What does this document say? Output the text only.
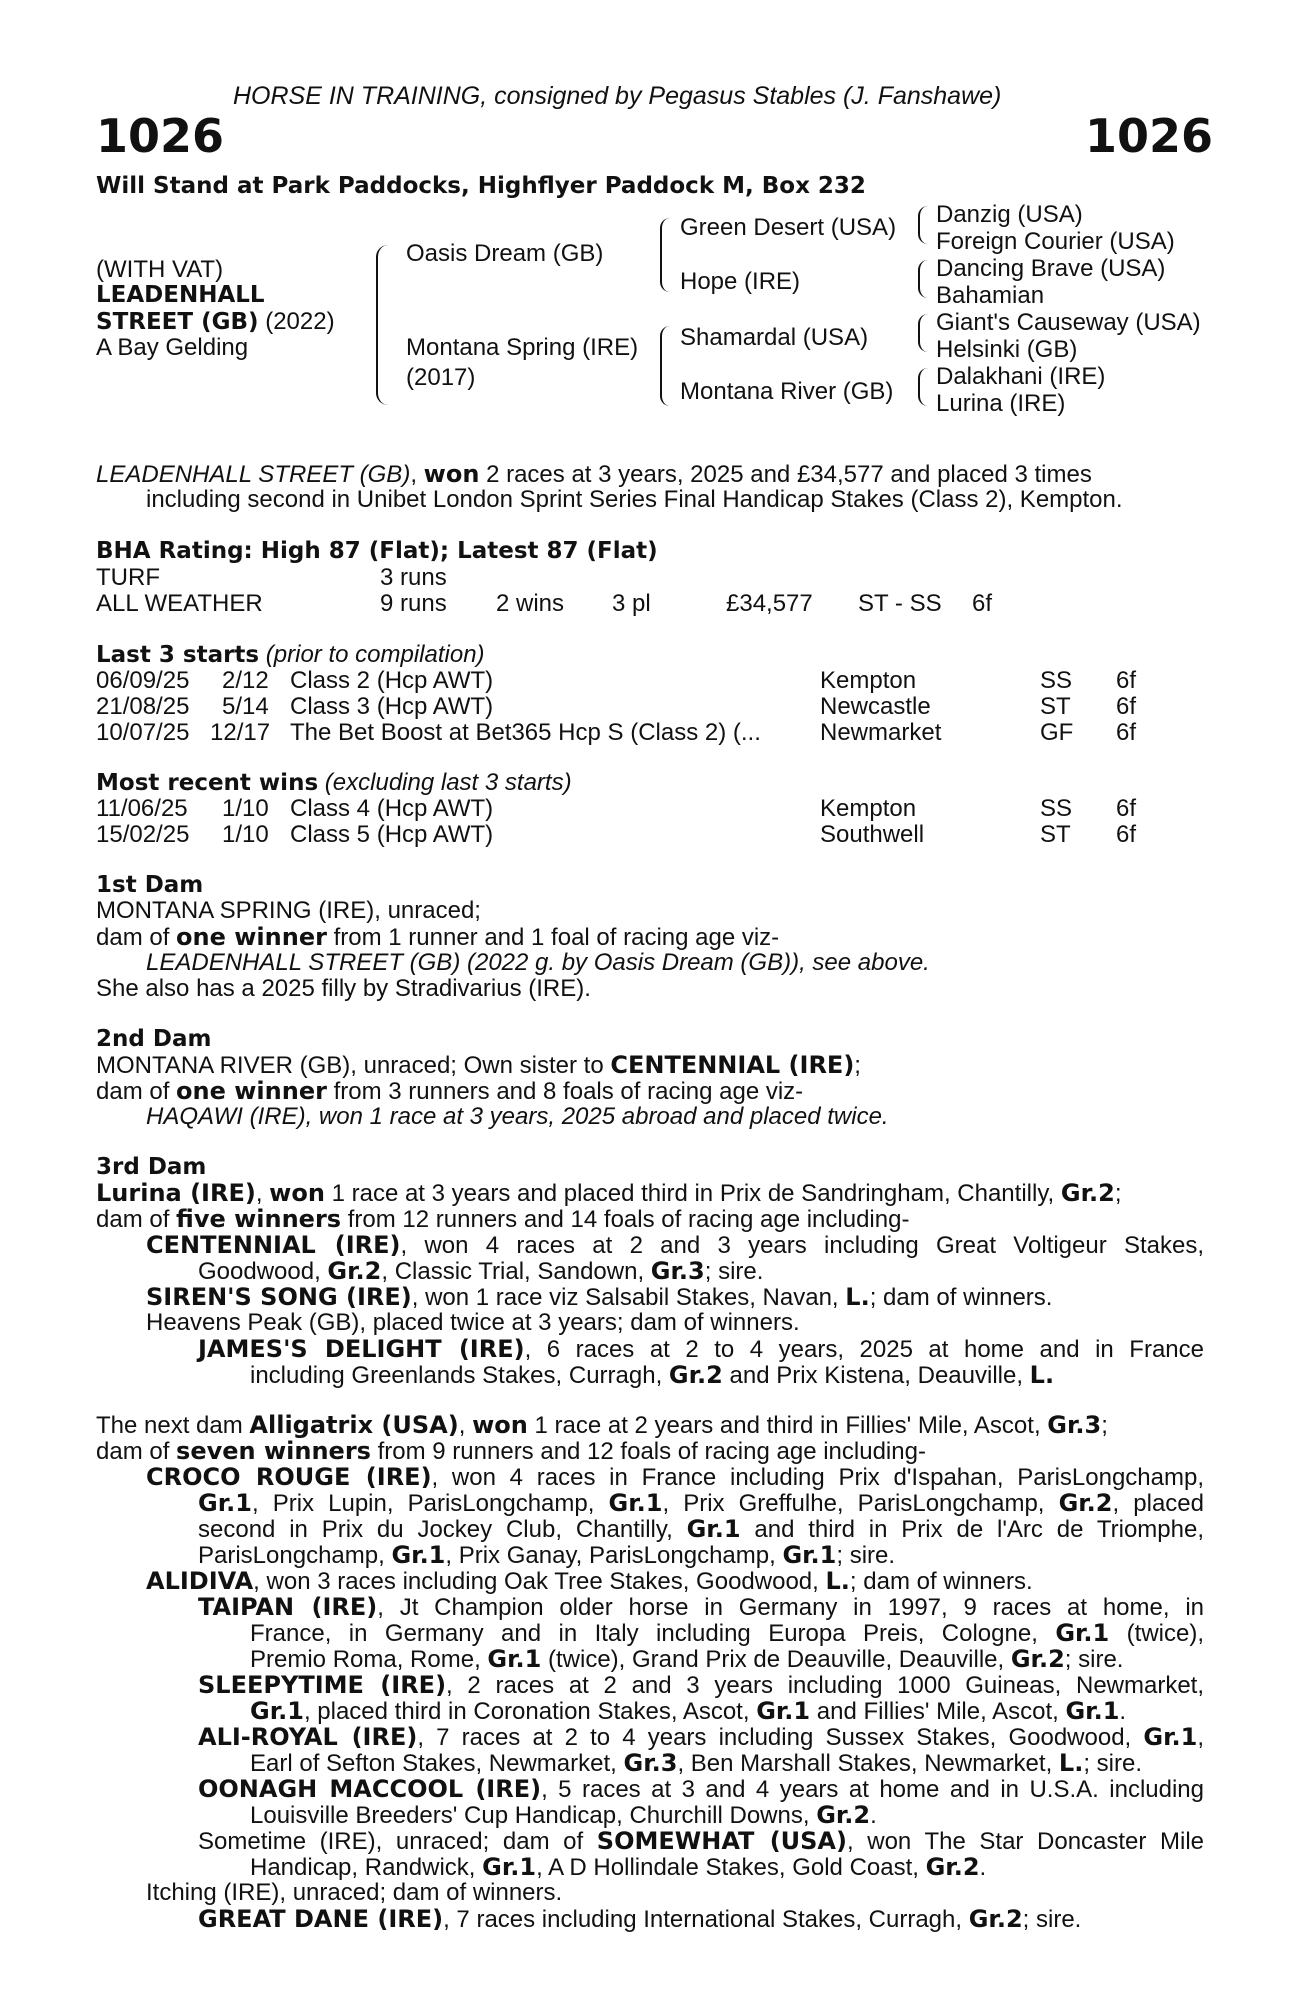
HORSE IN TRAINING, consigned by Pegasus Stables (J. Fanshawe)
1026	1026
Will Stand at Park Paddocks, Highflyer Paddock M, Box 232
(WITH VAT)
LEADENHALL
STREET (GB) (2022)
A Bay Gelding
Oasis Dream (GB)
Montana Spring (IRE)
(2017)
Green Desert (USA)
Hope (IRE)
Shamardal (USA)
Montana River (GB)
Danzig (USA)
Foreign Courier (USA)
Dancing Brave (USA)
Bahamian
Giant's Causeway (USA)
Helsinki (GB)
Dalakhani (IRE)
Lurina (IRE)
LEADENHALL STREET (GB), won 2 races at 3 years, 2025 and £34,577 and placed 3 times
including second in Unibet London Sprint Series Final Handicap Stakes (Class 2), Kempton.
BHA Rating: High 87 (Flat); Latest 87 (Flat)
TURF	3 runs
ALL WEATHER	9 runs 2 wins 3 pl	£34,577 ST - SS 6f
Last 3 starts (prior to compilation)
06/09/25 2/12 Class 2 (Hcp AWT)	Kempton	SS 6f
21/08/25 5/14 Class 3 (Hcp AWT)	Newcastle	ST 6f
10/07/25 12/17 The Bet Boost at Bet365 Hcp S (Class 2) (... Newmarket	GF 6f
Most recent wins (excluding last 3 starts)
11/06/25 1/10 Class 4 (Hcp AWT)	Kempton	SS 6f
15/02/25 1/10 Class 5 (Hcp AWT)	Southwell	ST 6f
1st Dam
MONTANA SPRING (IRE), unraced;
dam of one winner from 1 runner and 1 foal of racing age viz-
LEADENHALL STREET (GB) (2022 g. by Oasis Dream (GB)), see above.
She also has a 2025 filly by Stradivarius (IRE).
2nd Dam
MONTANA RIVER (GB), unraced; Own sister to CENTENNIAL (IRE);
dam of one winner from 3 runners and 8 foals of racing age viz-
HAQAWI (IRE), won 1 race at 3 years, 2025 abroad and placed twice.
3rd Dam
Lurina (IRE), won 1 race at 3 years and placed third in Prix de Sandringham, Chantilly, Gr.2;
dam of five winners from 12 runners and 14 foals of racing age including-
CENTENNIAL (IRE), won 4 races at 2 and 3 years including Great Voltigeur Stakes,
Goodwood, Gr.2, Classic Trial, Sandown, Gr.3; sire.
SIREN'S SONG (IRE), won 1 race viz Salsabil Stakes, Navan, L.; dam of winners.
Heavens Peak (GB), placed twice at 3 years; dam of winners.
JAMES'S DELIGHT (IRE), 6 races at 2 to 4 years, 2025 at home and in France
including Greenlands Stakes, Curragh, Gr.2 and Prix Kistena, Deauville, L.
The next dam Alligatrix (USA), won 1 race at 2 years and third in Fillies' Mile, Ascot, Gr.3;
dam of seven winners from 9 runners and 12 foals of racing age including-
CROCO ROUGE (IRE), won 4 races in France including Prix d'Ispahan, ParisLongchamp,
Gr.1, Prix Lupin, ParisLongchamp, Gr.1, Prix Greffulhe, ParisLongchamp, Gr.2, placed
second in Prix du Jockey Club, Chantilly, Gr.1 and third in Prix de l'Arc de Triomphe,
ParisLongchamp, Gr.1, Prix Ganay, ParisLongchamp, Gr.1; sire.
ALIDIVA, won 3 races including Oak Tree Stakes, Goodwood, L.; dam of winners.
TAIPAN (IRE), Jt Champion older horse in Germany in 1997, 9 races at home, in
France, in Germany and in Italy including Europa Preis, Cologne, Gr.1 (twice),
Premio Roma, Rome, Gr.1 (twice), Grand Prix de Deauville, Deauville, Gr.2; sire.
SLEEPYTIME (IRE), 2 races at 2 and 3 years including 1000 Guineas, Newmarket,
Gr.1, placed third in Coronation Stakes, Ascot, Gr.1 and Fillies' Mile, Ascot, Gr.1.
ALI-ROYAL (IRE), 7 races at 2 to 4 years including Sussex Stakes, Goodwood, Gr.1,
Earl of Sefton Stakes, Newmarket, Gr.3, Ben Marshall Stakes, Newmarket, L.; sire.
OONAGH MACCOOL (IRE), 5 races at 3 and 4 years at home and in U.S.A. including
Louisville Breeders' Cup Handicap, Churchill Downs, Gr.2.
Sometime (IRE), unraced; dam of SOMEWHAT (USA), won The Star Doncaster Mile
Handicap, Randwick, Gr.1, A D Hollindale Stakes, Gold Coast, Gr.2.
Itching (IRE), unraced; dam of winners.
GREAT DANE (IRE), 7 races including International Stakes, Curragh, Gr.2; sire.
